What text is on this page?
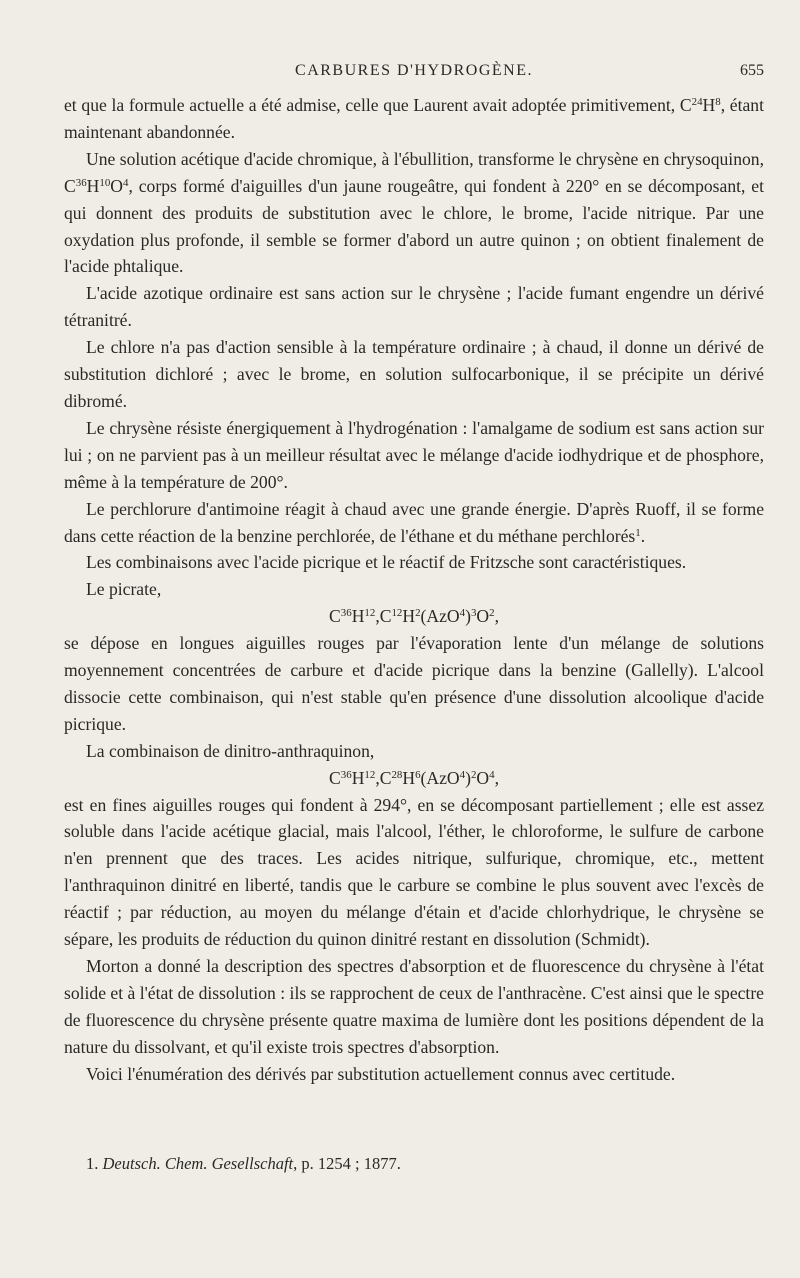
CARBURES D'HYDROGÈNE.	655

et que la formule actuelle a été admise, celle que Laurent avait adoptée primitivement, $C^{24}H^8$, étant maintenant abandonnée.

Une solution acétique d'acide chromique, à l'ébullition, transforme le chrysène en chrysoquinon, $C^{36}H^{10}O^4$, corps formé d'aiguilles d'un jaune rougeâtre, qui fondent à 220° en se décomposant, et qui donnent des produits de substitution avec le chlore, le brome, l'acide nitrique. Par une oxydation plus profonde, il semble se former d'abord un autre quinon ; on obtient finalement de l'acide phtalique.

L'acide azotique ordinaire est sans action sur le chrysène ; l'acide fumant engendre un dérivé tétranitré.

Le chlore n'a pas d'action sensible à la température ordinaire ; à chaud, il donne un dérivé de substitution dichloré ; avec le brome, en solution sulfocarbonique, il se précipite un dérivé dibromé.

Le chrysène résiste énergiquement à l'hydrogénation : l'amalgame de sodium est sans action sur lui ; on ne parvient pas à un meilleur résultat avec le mélange d'acide iodhydrique et de phosphore, même à la température de 200°.

Le perchlorure d'antimoine réagit à chaud avec une grande énergie. D'après Ruoff, il se forme dans cette réaction de la benzine perchlorée, de l'éthane et du méthane perchlorés$^1$.

Les combinaisons avec l'acide picrique et le réactif de Fritzsche sont caractéristiques.

Le picrate,

$C^{36}H^{12},C^{12}H^2(AzO^4)^3O^2$,

se dépose en longues aiguilles rouges par l'évaporation lente d'un mélange de solutions moyennement concentrées de carbure et d'acide picrique dans la benzine (Gallelly). L'alcool dissocie cette combinaison, qui n'est stable qu'en présence d'une dissolution alcoolique d'acide picrique.

La combinaison de dinitro-anthraquinon,

$C^{36}H^{12},C^{28}H^6(AzO^4)^2O^4$,

est en fines aiguilles rouges qui fondent à 294°, en se décomposant partiellement ; elle est assez soluble dans l'acide acétique glacial, mais l'alcool, l'éther, le chloroforme, le sulfure de carbone n'en prennent que des traces. Les acides nitrique, sulfurique, chromique, etc., mettent l'anthraquinon dinitré en liberté, tandis que le carbure se combine le plus souvent avec l'excès de réactif ; par réduction, au moyen du mélange d'étain et d'acide chlorhydrique, le chrysène se sépare, les produits de réduction du quinon dinitré restant en dissolution (Schmidt).

Morton a donné la description des spectres d'absorption et de fluorescence du chrysène à l'état solide et à l'état de dissolution : ils se rapprochent de ceux de l'anthracène. C'est ainsi que le spectre de fluorescence du chrysène présente quatre maxima de lumière dont les positions dépendent de la nature du dissolvant, et qu'il existe trois spectres d'absorption.

Voici l'énumération des dérivés par substitution actuellement connus avec certitude.

1. Deutsch. Chem. Gesellschaft, p. 1254 ; 1877.
